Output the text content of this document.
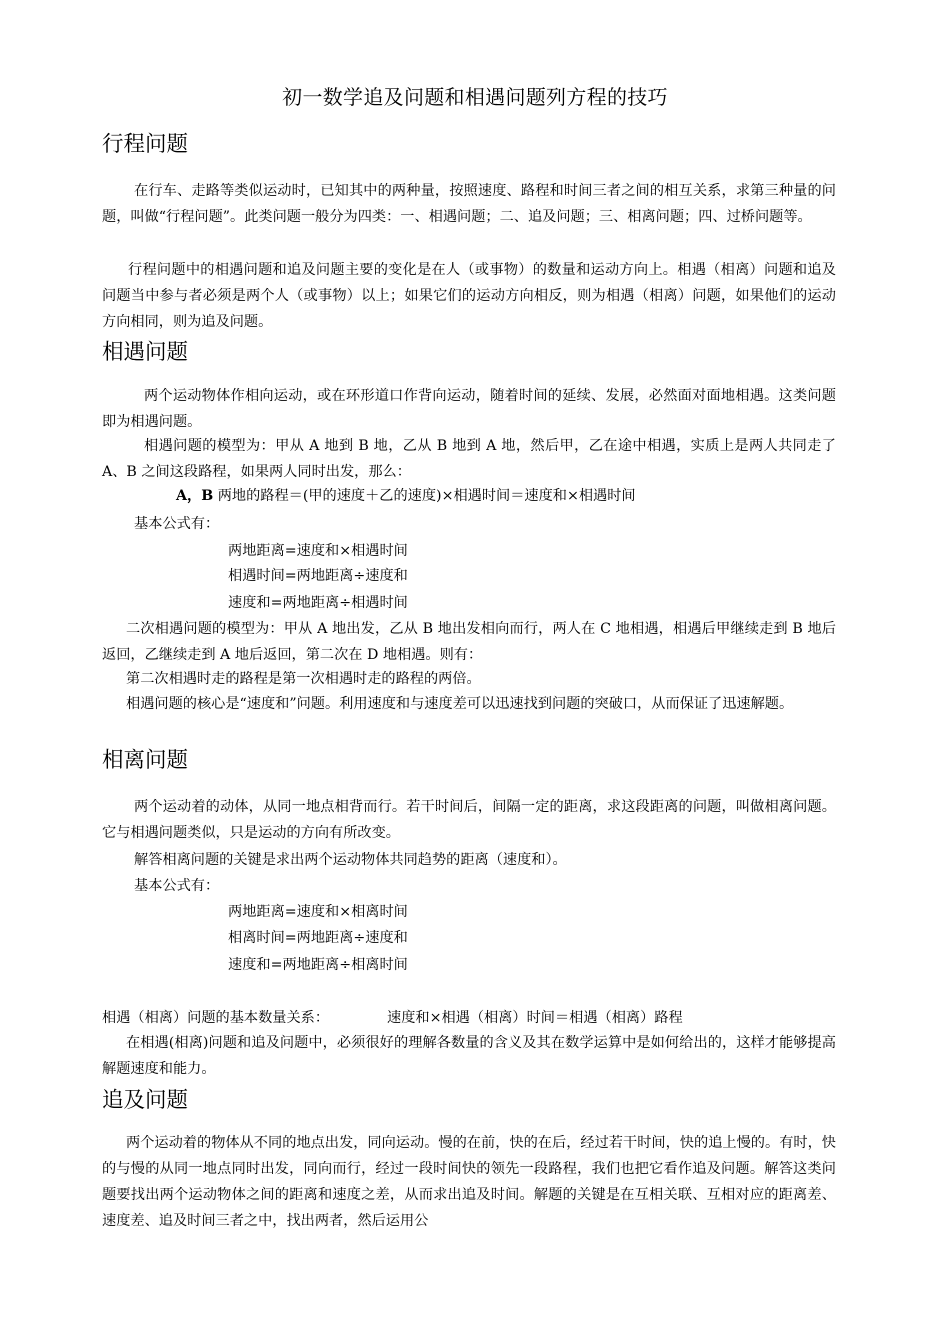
初一数学追及问题和相遇问题列方程的技巧
行程问题

在行车、走路等类似运动时，已知其中的两种量，按照速度、路程和时间三者之间的相互关系，求第三种量的问题，叫做“行程问题”。此类问题一般分为四类：一、相遇问题；二、追及问题；三、相离问题；四、过桥问题等。

行程问题中的相遇问题和追及问题主要的变化是在人（或事物）的数量和运动方向上。相遇（相离）问题和追及问题当中参与者必须是两个人（或事物）以上；如果它们的运动方向相反，则为相遇（相离）问题，如果他们的运动方向相同，则为追及问题。

相遇问题

两个运动物体作相向运动，或在环形道口作背向运动，随着时间的延续、发展，必然面对面地相遇。这类问题即为相遇问题。

相遇问题的模型为：甲从 A 地到 B 地，乙从 B 地到 A 地，然后甲，乙在途中相遇，实质上是两人共同走了 A、B 之间这段路程，如果两人同时出发，那么：

A，B 两地的路程＝(甲的速度＋乙的速度)×相遇时间＝速度和×相遇时间
基本公式有：
两地距离=速度和×相遇时间
相遇时间=两地距离÷速度和
速度和=两地距离÷相遇时间

二次相遇问题的模型为：甲从 A 地出发，乙从 B 地出发相向而行，两人在 C 地相遇，相遇后甲继续走到 B 地后返回，乙继续走到 A 地后返回，第二次在 D 地相遇。则有：

第二次相遇时走的路程是第一次相遇时走的路程的两倍。

相遇问题的核心是“速度和”问题。利用速度和与速度差可以迅速找到问题的突破口，从而保证了迅速解题。

相离问题

两个运动着的动体，从同一地点相背而行。若干时间后，间隔一定的距离，求这段距离的问题，叫做相离问题。它与相遇问题类似，只是运动的方向有所改变。

解答相离问题的关键是求出两个运动物体共同趋势的距离（速度和）。
基本公式有：
两地距离=速度和×相离时间
相离时间=两地距离÷速度和
速度和=两地距离÷相离时间
相遇（相离）问题的基本数量关系：	速度和×相遇（相离）时间＝相遇（相离）路程

在相遇(相离)问题和追及问题中，必须很好的理解各数量的含义及其在数学运算中是如何给出的，这样才能够提高解题速度和能力。

追及问题

两个运动着的物体从不同的地点出发，同向运动。慢的在前，快的在后，经过若干时间，快的追上慢的。有时，快的与慢的从同一地点同时出发，同向而行，经过一段时间快的领先一段路程，我们也把它看作追及问题。解答这类问题要找出两个运动物体之间的距离和速度之差，从而求出追及时间。解题的关键是在互相关联、互相对应的距离差、速度差、追及时间三者之中，找出两者，然后运用公
